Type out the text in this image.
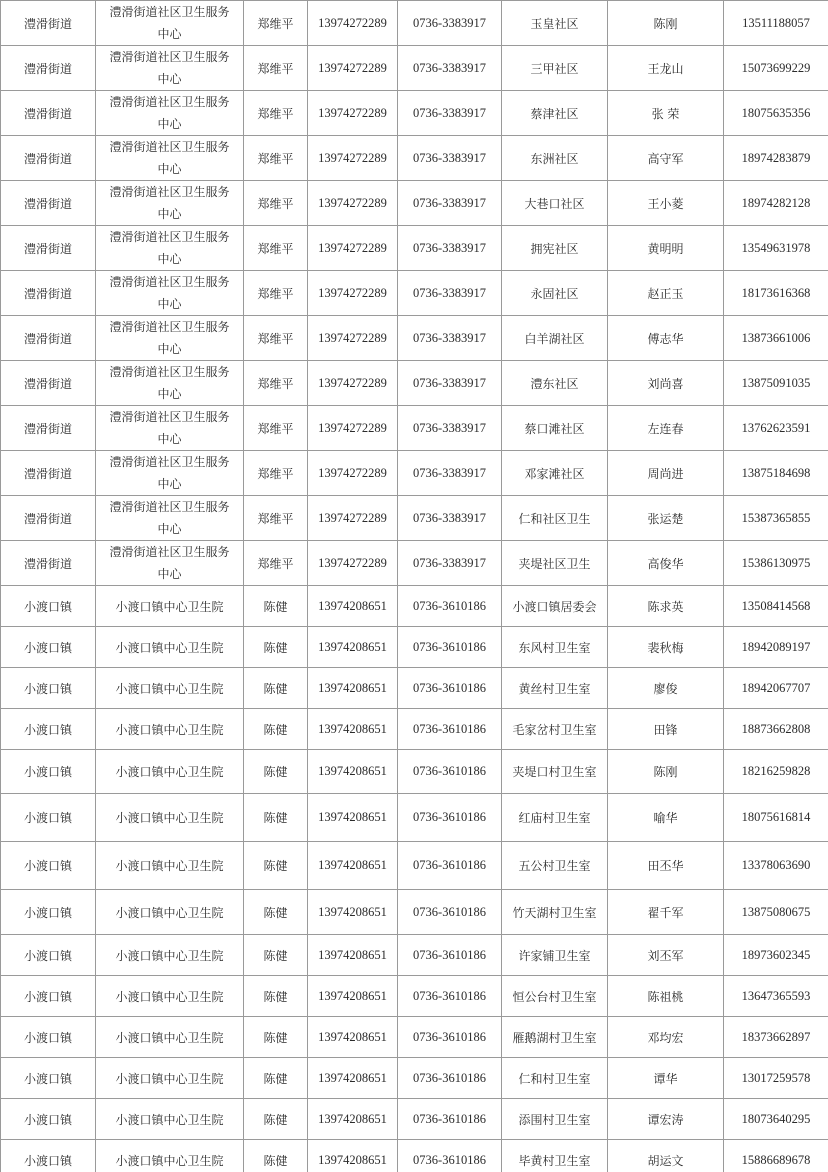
澧滑街道	澧滑街道社区卫生服务中心	郑维平	13974272289	0736-3383917	玉皇社区	陈刚	13511188057
澧滑街道	澧滑街道社区卫生服务中心	郑维平	13974272289	0736-3383917	三甲社区	王龙山	15073699229
澧滑街道	澧滑街道社区卫生服务中心	郑维平	13974272289	0736-3383917	蔡津社区	张 荣	18075635356
澧滑街道	澧滑街道社区卫生服务中心	郑维平	13974272289	0736-3383917	东洲社区	高守军	18974283879
澧滑街道	澧滑街道社区卫生服务中心	郑维平	13974272289	0736-3383917	大巷口社区	王小菱	18974282128
澧滑街道	澧滑街道社区卫生服务中心	郑维平	13974272289	0736-3383917	拥宪社区	黄明明	13549631978
澧滑街道	澧滑街道社区卫生服务中心	郑维平	13974272289	0736-3383917	永固社区	赵正玉	18173616368
澧滑街道	澧滑街道社区卫生服务中心	郑维平	13974272289	0736-3383917	白羊湖社区	傅志华	13873661006
澧滑街道	澧滑街道社区卫生服务中心	郑维平	13974272289	0736-3383917	澧东社区	刘尚喜	13875091035
澧滑街道	澧滑街道社区卫生服务中心	郑维平	13974272289	0736-3383917	蔡口滩社区	左连春	13762623591
澧滑街道	澧滑街道社区卫生服务中心	郑维平	13974272289	0736-3383917	邓家滩社区	周尚进	13875184698
澧滑街道	澧滑街道社区卫生服务中心	郑维平	13974272289	0736-3383917	仁和社区卫生	张运楚	15387365855
澧滑街道	澧滑街道社区卫生服务中心	郑维平	13974272289	0736-3383917	夹堤社区卫生	高俊华	15386130975
小渡口镇	小渡口镇中心卫生院	陈健	13974208651	0736-3610186	小渡口镇居委会	陈求英	13508414568
小渡口镇	小渡口镇中心卫生院	陈健	13974208651	0736-3610186	东风村卫生室	裴秋梅	18942089197
小渡口镇	小渡口镇中心卫生院	陈健	13974208651	0736-3610186	黄丝村卫生室	廖俊	18942067707
小渡口镇	小渡口镇中心卫生院	陈健	13974208651	0736-3610186	毛家岔村卫生室	田锋	18873662808
小渡口镇	小渡口镇中心卫生院	陈健	13974208651	0736-3610186	夹堤口村卫生室	陈刚	18216259828
小渡口镇	小渡口镇中心卫生院	陈健	13974208651	0736-3610186	红庙村卫生室	喻华	18075616814
小渡口镇	小渡口镇中心卫生院	陈健	13974208651	0736-3610186	五公村卫生室	田丕华	13378063690
小渡口镇	小渡口镇中心卫生院	陈健	13974208651	0736-3610186	竹天湖村卫生室	翟千军	13875080675
小渡口镇	小渡口镇中心卫生院	陈健	13974208651	0736-3610186	许家铺卫生室	刘丕军	18973602345
小渡口镇	小渡口镇中心卫生院	陈健	13974208651	0736-3610186	恒公台村卫生室	陈祖桃	13647365593
小渡口镇	小渡口镇中心卫生院	陈健	13974208651	0736-3610186	雁鹅湖村卫生室	邓均宏	18373662897
小渡口镇	小渡口镇中心卫生院	陈健	13974208651	0736-3610186	仁和村卫生室	谭华	13017259578
小渡口镇	小渡口镇中心卫生院	陈健	13974208651	0736-3610186	添围村卫生室	谭宏涛	18073640295
小渡口镇	小渡口镇中心卫生院	陈健	13974208651	0736-3610186	毕黄村卫生室	胡运文	15886689678
